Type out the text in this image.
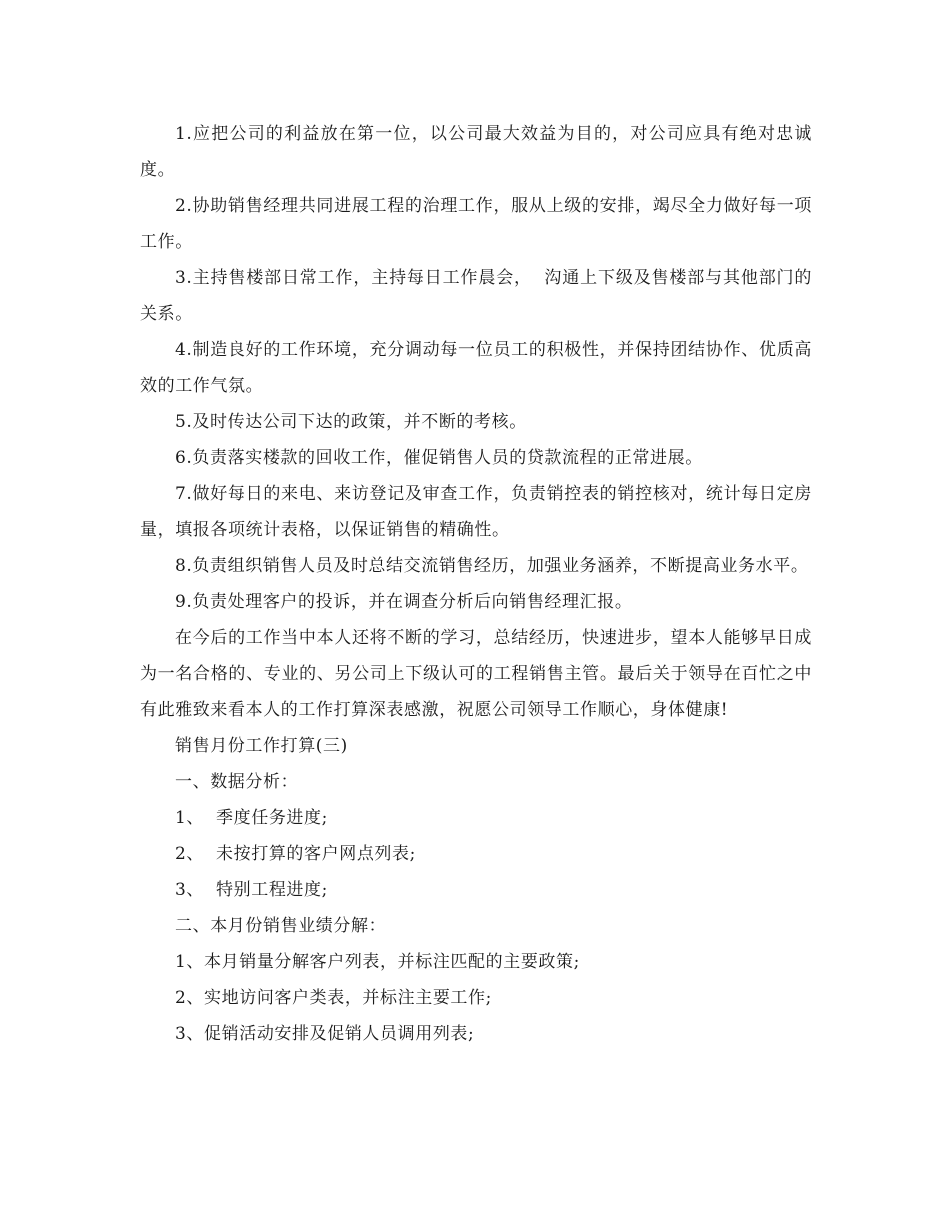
1.应把公司的利益放在第一位，以公司最大效益为目的，对公司应具有绝对忠诚度。

2.协助销售经理共同进展工程的治理工作，服从上级的安排，竭尽全力做好每一项工作。

3.主持售楼部日常工作，主持每日工作晨会，  沟通上下级及售楼部与其他部门的关系。

4.制造良好的工作环境，充分调动每一位员工的积极性，并保持团结协作、优质高效的工作气氛。

5.及时传达公司下达的政策，并不断的考核。

6.负责落实楼款的回收工作，催促销售人员的贷款流程的正常进展。

7.做好每日的来电、来访登记及审查工作，负责销控表的销控核对，统计每日定房量，填报各项统计表格，以保证销售的精确性。

8.负责组织销售人员及时总结交流销售经历，加强业务涵养，不断提高业务水平。

9.负责处理客户的投诉，并在调查分析后向销售经理汇报。

在今后的工作当中本人还将不断的学习，总结经历，快速进步，望本人能够早日成为一名合格的、专业的、另公司上下级认可的工程销售主管。最后关于领导在百忙之中有此雅致来看本人的工作打算深表感激，祝愿公司领导工作顺心，身体健康!

销售月份工作打算(三)

一、数据分析：

1、  季度任务进度;

2、  未按打算的客户网点列表;

3、  特别工程进度;

二、本月份销售业绩分解：

1、本月销量分解客户列表，并标注匹配的主要政策;

2、实地访问客户类表，并标注主要工作;

3、促销活动安排及促销人员调用列表;
